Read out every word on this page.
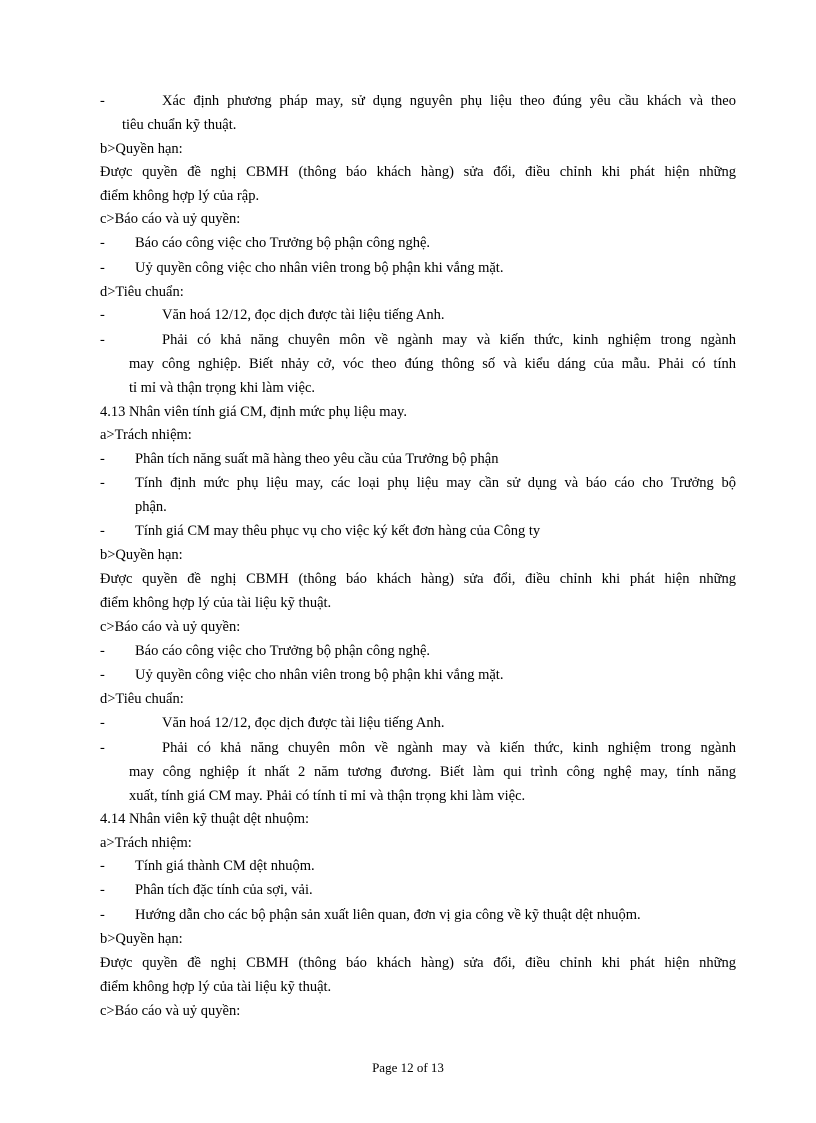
-
-
-
-
-
-
-
-
-
-
-
-
-
-
-
Xác định phương pháp may, sử dụng nguyên phụ liệu theo đúng yêu cầu khách và theo
tiêu chuẩn kỹ thuật.
b>Quyền hạn:
Được quyền đề nghị CBMH (thông báo khách hàng) sửa đổi, điều chỉnh khi phát hiện những
điểm không hợp lý của rập.
c>Báo cáo và uỷ quyền:
Báo cáo công việc cho Trưởng bộ phận công nghệ.
Uỷ quyền công việc cho nhân viên trong bộ phận khi vắng mặt.
d>Tiêu chuẩn:
Văn hoá 12/12, đọc dịch được tài liệu tiếng Anh.
Phải có khả năng chuyên môn về ngành may và kiến thức, kinh nghiệm trong ngành
may công nghiệp. Biết nhảy cở, vóc theo đúng thông số và kiểu dáng của mẫu. Phải có tính
tỉ mỉ và thận trọng khi làm việc.
4.13 Nhân viên tính giá CM, định mức phụ liệu may.
a>Trách nhiệm:
Phân tích năng suất mã hàng theo yêu cầu của Trưởng bộ phận
Tính định mức phụ liệu may, các loại phụ liệu may cần sử dụng và báo cáo cho Trưởng bộ
phận.
Tính giá CM may thêu phục vụ cho việc ký kết đơn hàng của Công ty
b>Quyền hạn:
Được quyền đề nghị CBMH (thông báo khách hàng) sửa đổi, điều chỉnh khi phát hiện những
điểm không hợp lý của tài liệu kỹ thuật.
c>Báo cáo và uỷ quyền:
Báo cáo công việc cho Trưởng bộ phận công nghệ.
Uỷ quyền công việc cho nhân viên trong bộ phận khi vắng mặt.
d>Tiêu chuẩn:
Văn hoá 12/12, đọc dịch được tài liệu tiếng Anh.
Phải có khả năng chuyên môn về ngành may và kiến thức, kinh nghiệm trong ngành
may công nghiệp ít nhất 2 năm tương đương. Biết làm qui trình công nghệ may, tính năng
xuất, tính giá CM may. Phải có tính tỉ mỉ và thận trọng khi làm việc.
4.14 Nhân viên kỹ thuật dệt nhuộm:
a>Trách nhiệm:
Tính giá thành CM dệt nhuộm.
Phân tích đặc tính của sợi, vải.
Hướng dẫn cho các bộ phận sản xuất liên quan, đơn vị gia công về kỹ thuật dệt nhuộm.
b>Quyền hạn:
Được quyền đề nghị CBMH (thông báo khách hàng) sửa đổi, điều chỉnh khi phát hiện những
điểm không hợp lý của tài liệu kỹ thuật.
c>Báo cáo và uỷ quyền:
Page 12 of 13
